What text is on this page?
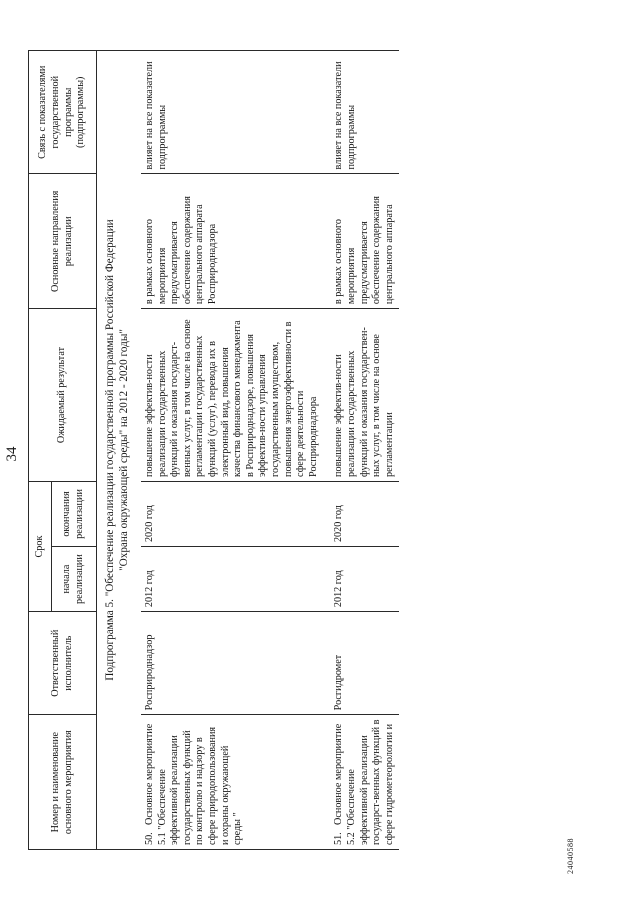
34
Номер и наименование основного мероприятия	Ответственный исполнитель	Срок		Ожидаемый результат	Основные направления реализации	Связь с показателями государственной программы (подпрограммы)
		начала реализации	окончания реализации			

Подпрограмма 5. "Обеспечение реализации государственной программы Российской Федерации "Охрана окружающей среды" на 2012 - 2020 годы"						

50.Основное мероприятие 5.1 "Обеспечение эффективной реализации государственных функций по контролю и надзору в сфере природопользования и охраны окружающей среды "	Росприроднадзор	2012 год	2020 год	повышение эффектив-ности реализации государственных функций и оказания государст-венных услуг, в том числе на основе регламентации государственных функций (услуг), перевода их в электронный вид, повышения качества финансового менеджмента в Росприроднадзоре, повышения эффектив-ности управления государственным имуществом, повышения энергоэффективности в сфере деятельности Росприроднадзора	в рамках основного мероприятия предусматривается обеспечение содержания центрального аппарата Росприроднадзора	влияет на все показатели подпрограммы
51.Основное мероприятие 5.2 "Обеспечение эффективной реализации государст-венных функций в сфере гидрометеорологии и	Росгидромет	2012 год	2020 год	повышение эффектив-ности реализации государственных функций и оказания государствен-ных услуг, в том числе на основе регламентации	в рамках основного мероприятия предусматривается обеспечение содержания центрального аппарата	влияет на все показатели подпрограммы
24040588
